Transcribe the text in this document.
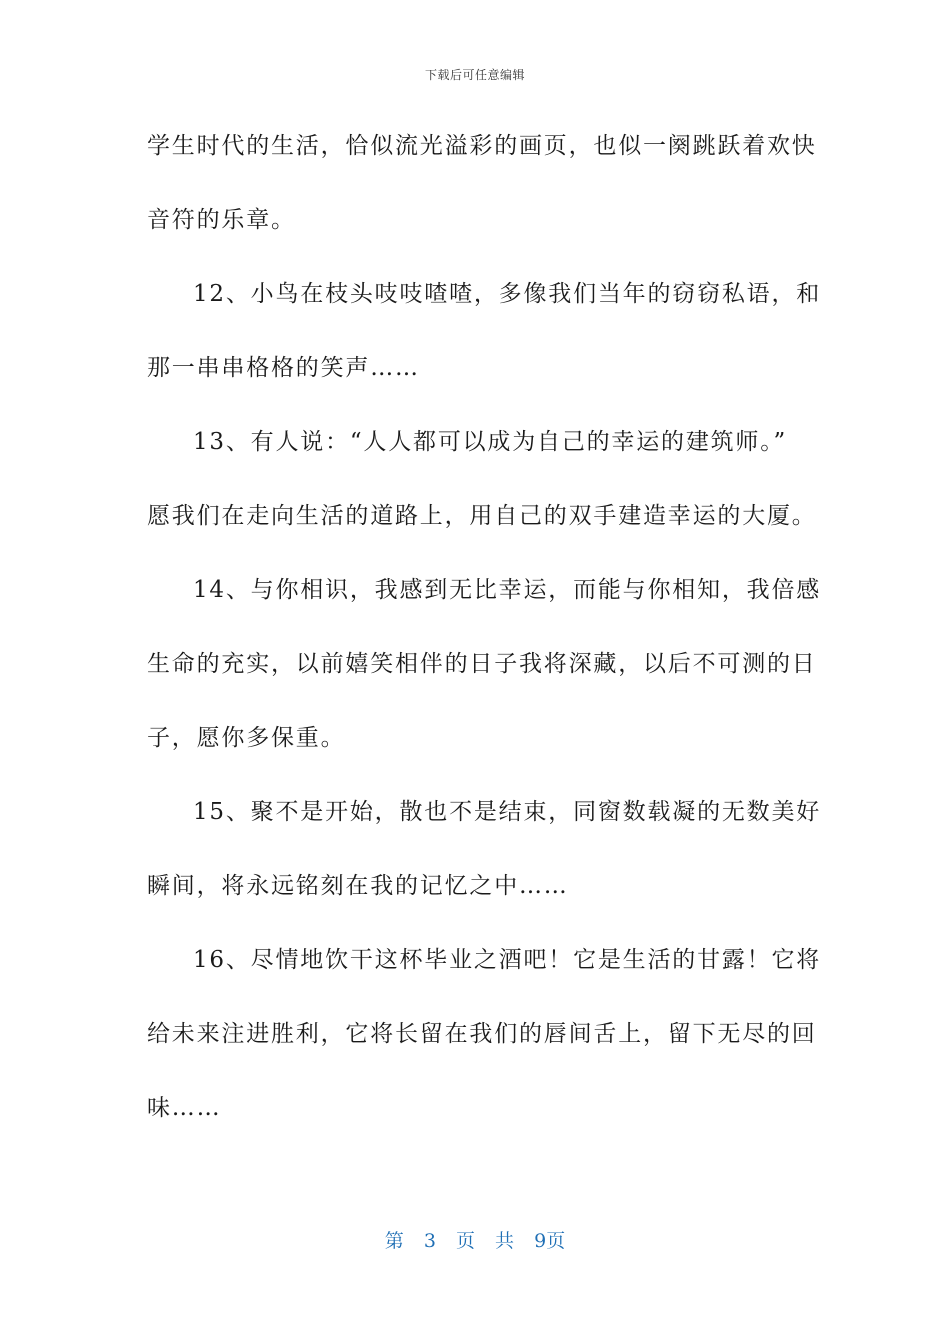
下载后可任意编辑
学生时代的生活，恰似流光溢彩的画页，也似一阕跳跃着欢快
音符的乐章。
12、小鸟在枝头吱吱喳喳，多像我们当年的窃窃私语，和
那一串串格格的笑声……
13、有人说：“人人都可以成为自己的幸运的建筑师。”
愿我们在走向生活的道路上，用自己的双手建造幸运的大厦。
14、与你相识，我感到无比幸运，而能与你相知，我倍感
生命的充实，以前嬉笑相伴的日子我将深藏，以后不可测的日
子，愿你多保重。
15、聚不是开始，散也不是结束，同窗数载凝的无数美好
瞬间，将永远铭刻在我的记忆之中……
16、尽情地饮干这杯毕业之酒吧！它是生活的甘露！它将
给未来注进胜利，它将长留在我们的唇间舌上，留下无尽的回
味……
第 3 页 共 9页
